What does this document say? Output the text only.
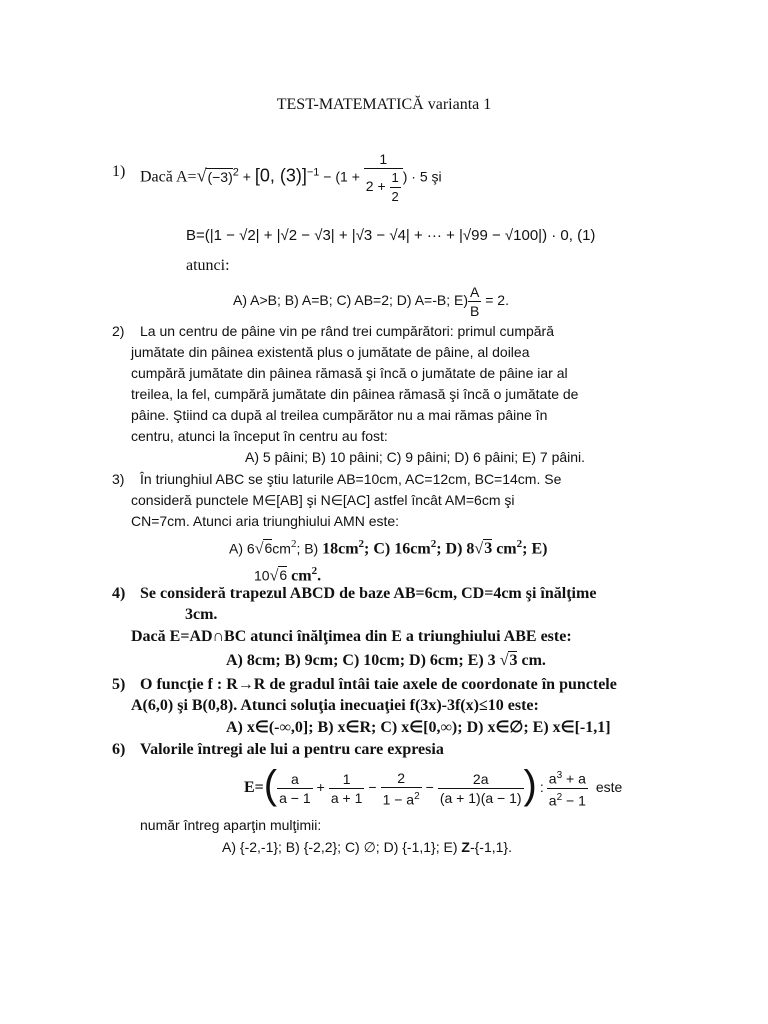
TEST-MATEMATICĂ varianta 1
1) Dacă $A=√(-3)^2 + [0$, $(3)]^{-1} - (1 + \frac{1}{2 + \frac{1}{2}}$ ) · 5 şi
B=(|1 − √2| + |√2 − √3| + |√3 − √4| + ··· + |√99 − √100|) · 0, (1)
atunci:
A) A>B; B) A=B; C) AB=2; D) A=-B; $E) \frac{A}{B} = 2$.
2) La un centru de pâine vin pe rând trei cumpărători: primul cumpără
jumătate din pâinea existentă plus o jumătate de pâine, al doilea
cumpără jumătate din pâinea rămasă şi încă o jumătate de pâine iar al
treilea, la fel, cumpără jumătate din pâinea rămasă şi încă o jumătate de
pâine. Ştiind ca după al treilea cumpărător nu a mai rămas pâine în
centru, atunci la început în centru au fost:
A) 5 pâini; B) 10 pâini; C) 9 pâini; D) 6 pâini; E) 7 pâini.
3) În triunghiul ABC se ştiu laturile AB=10cm, AC=12cm, BC=14cm. Se
consideră punctele M∈[AB] şi N∈[AC] astfel încât AM=6cm şi
CN=7cm. Atunci aria triunghiului AMN este:
A) $6√6cm^2$; B) $18cm^2$; C) $16cm^2$; D) 8√3 $cm^2$; E)
10√6 $cm^2$.
4) Se consideră trapezul ABCD de baze AB=6cm, CD=4cm şi înălţime
3cm.
Dacă E=AD∩BC atunci înălţimea din E a triunghiului ABE este:
A) 8cm; B) 9cm; C) 10cm; D) 6cm; E) 3 √3 cm.
5) O funcţie f : R→R de gradul întâi taie axele de coordonate în punctele
A(6,0) şi B(0,8). Atunci soluţia inecuaţiei f(3x)-3f(x)≤10 este:
A) x∈(-∞,0]; B) x∈R; C) x∈[0,∞); D) x∈∅; E) x∈[-1,1]
6) Valorile întregi ale lui a pentru care expresia
$E=( \frac{a}{a - 1} + \frac{1}{a + 1} - \frac{2}{1 - a^2} - \frac{2a}{(a + 1)(a - 1)}$ ) : $\frac{a^3 + a}{a^2 - 1}$ este
număr întreg aparţin mulţimii:
A) {-2,-1}; B) {-2,2}; C) ∅; D) {-1,1}; E) Z-{-1,1}.
